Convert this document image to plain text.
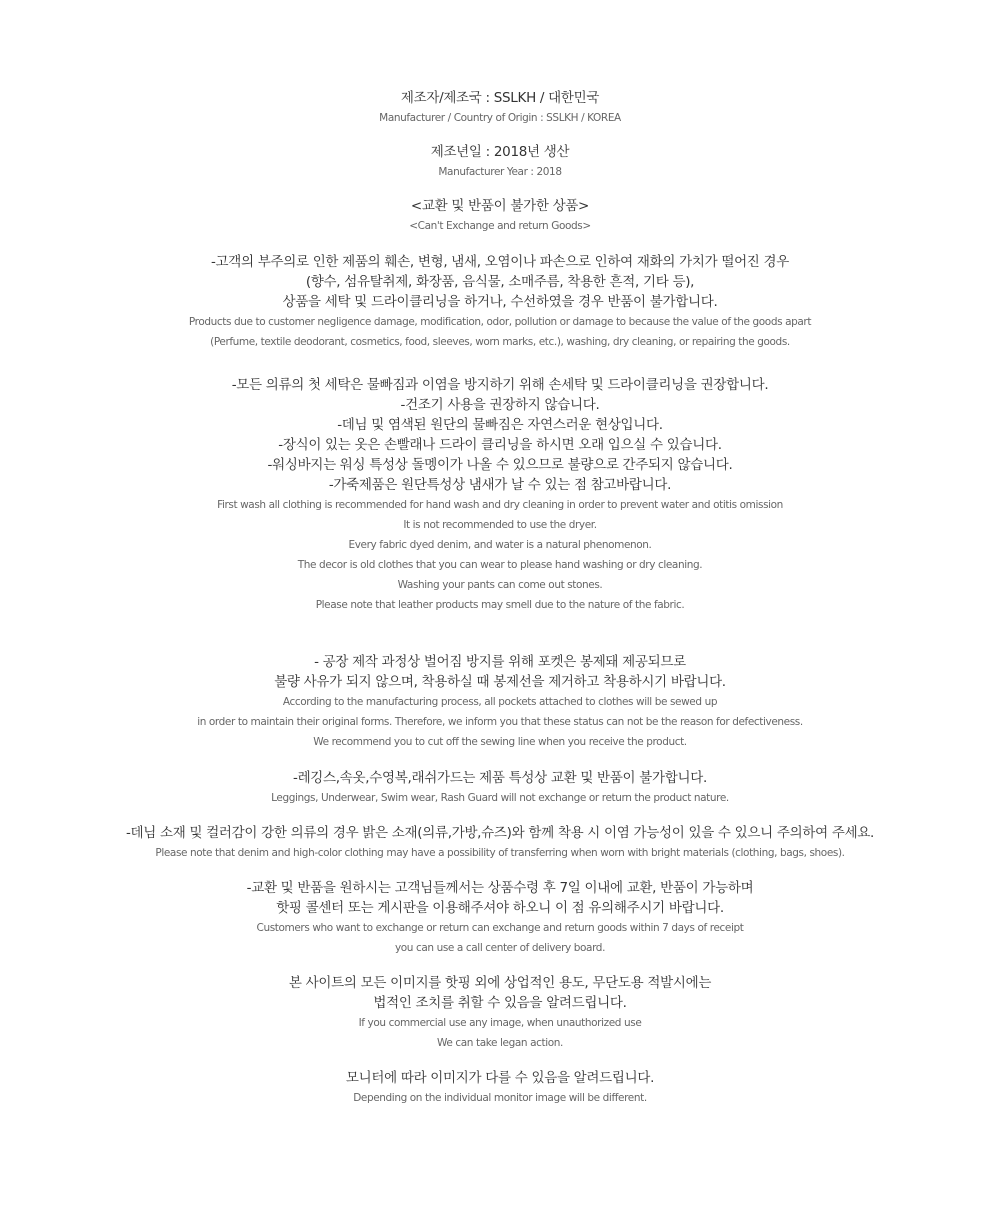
제조자/제조국 : SSLKH / 대한민국

Manufacturer / Country of Origin : SSLKH / KOREA

제조년일 : 2018년 생산

Manufacturer Year : 2018

<교환 및 반품이 불가한 상품>

<Can't Exchange and return Goods>

-고객의 부주의로 인한 제품의 훼손, 변형, 냄새, 오염이나 파손으로 인하여 재화의 가치가 떨어진 경우

(향수, 섬유탈취제, 화장품, 음식물, 소매주름, 착용한 흔적, 기타 등),

상품을 세탁 및 드라이클리닝을 하거나, 수선하였을 경우 반품이 불가합니다.

Products due to customer negligence damage, modification, odor, pollution or damage to because the value of the goods apart

(Perfume, textile deodorant, cosmetics, food, sleeves, worn marks, etc.), washing, dry cleaning, or repairing the goods.

-모든 의류의 첫 세탁은 물빠짐과 이염을 방지하기 위해 손세탁 및 드라이클리닝을 권장합니다.

-건조기 사용을 권장하지 않습니다.

-데님 및 염색된 원단의 물빠짐은 자연스러운 현상입니다.

-장식이 있는 옷은 손빨래나 드라이 클리닝을 하시면 오래 입으실 수 있습니다.

-워싱바지는 워싱 특성상 돌멩이가 나올 수 있으므로 불량으로 간주되지 않습니다.

-가죽제품은 원단특성상 냄새가 날 수 있는 점 참고바랍니다.

First wash all clothing is recommended for hand wash and dry cleaning in order to prevent water and otitis omission

It is not recommended to use the dryer.

Every fabric dyed denim, and water is a natural phenomenon.

The decor is old clothes that you can wear to please hand washing or dry cleaning.

Washing your pants can come out stones.

Please note that leather products may smell due to the nature of the fabric.

- 공장 제작 과정상 벌어짐 방지를 위해 포켓은 봉제돼 제공되므로

불량 사유가 되지 않으며, 착용하실 때 봉제선을 제거하고 착용하시기 바랍니다.

According to the manufacturing process, all pockets attached to clothes will be sewed up

in order to maintain their original forms. Therefore, we inform you that these status can not be the reason for defectiveness.

We recommend you to cut off the sewing line when you receive the product.

-레깅스,속옷,수영복,래쉬가드는 제품 특성상 교환 및 반품이 불가합니다.

Leggings, Underwear, Swim wear, Rash Guard will not exchange or return the product nature.

-데님 소재 및 컬러감이 강한 의류의 경우 밝은 소재(의류,가방,슈즈)와 함께 착용 시 이염 가능성이 있을 수 있으니 주의하여 주세요.

Please note that denim and high-color clothing may have a possibility of transferring when worn with bright materials (clothing, bags, shoes).

-교환 및 반품을 원하시는 고객님들께서는 상품수령 후 7일 이내에 교환, 반품이 가능하며

핫핑 콜센터 또는 게시판을 이용해주셔야 하오니 이 점 유의해주시기 바랍니다.

Customers who want to exchange or return can exchange and return goods within 7 days of receipt

you can use a call center of delivery board.

본 사이트의 모든 이미지를 핫핑 외에 상업적인 용도, 무단도용 적발시에는

법적인 조치를 취할 수 있음을 알려드립니다.

If you commercial use any image, when unauthorized use

We can take legan action.

모니터에 따라 이미지가 다를 수 있음을 알려드립니다.

Depending on the individual monitor image will be different.
